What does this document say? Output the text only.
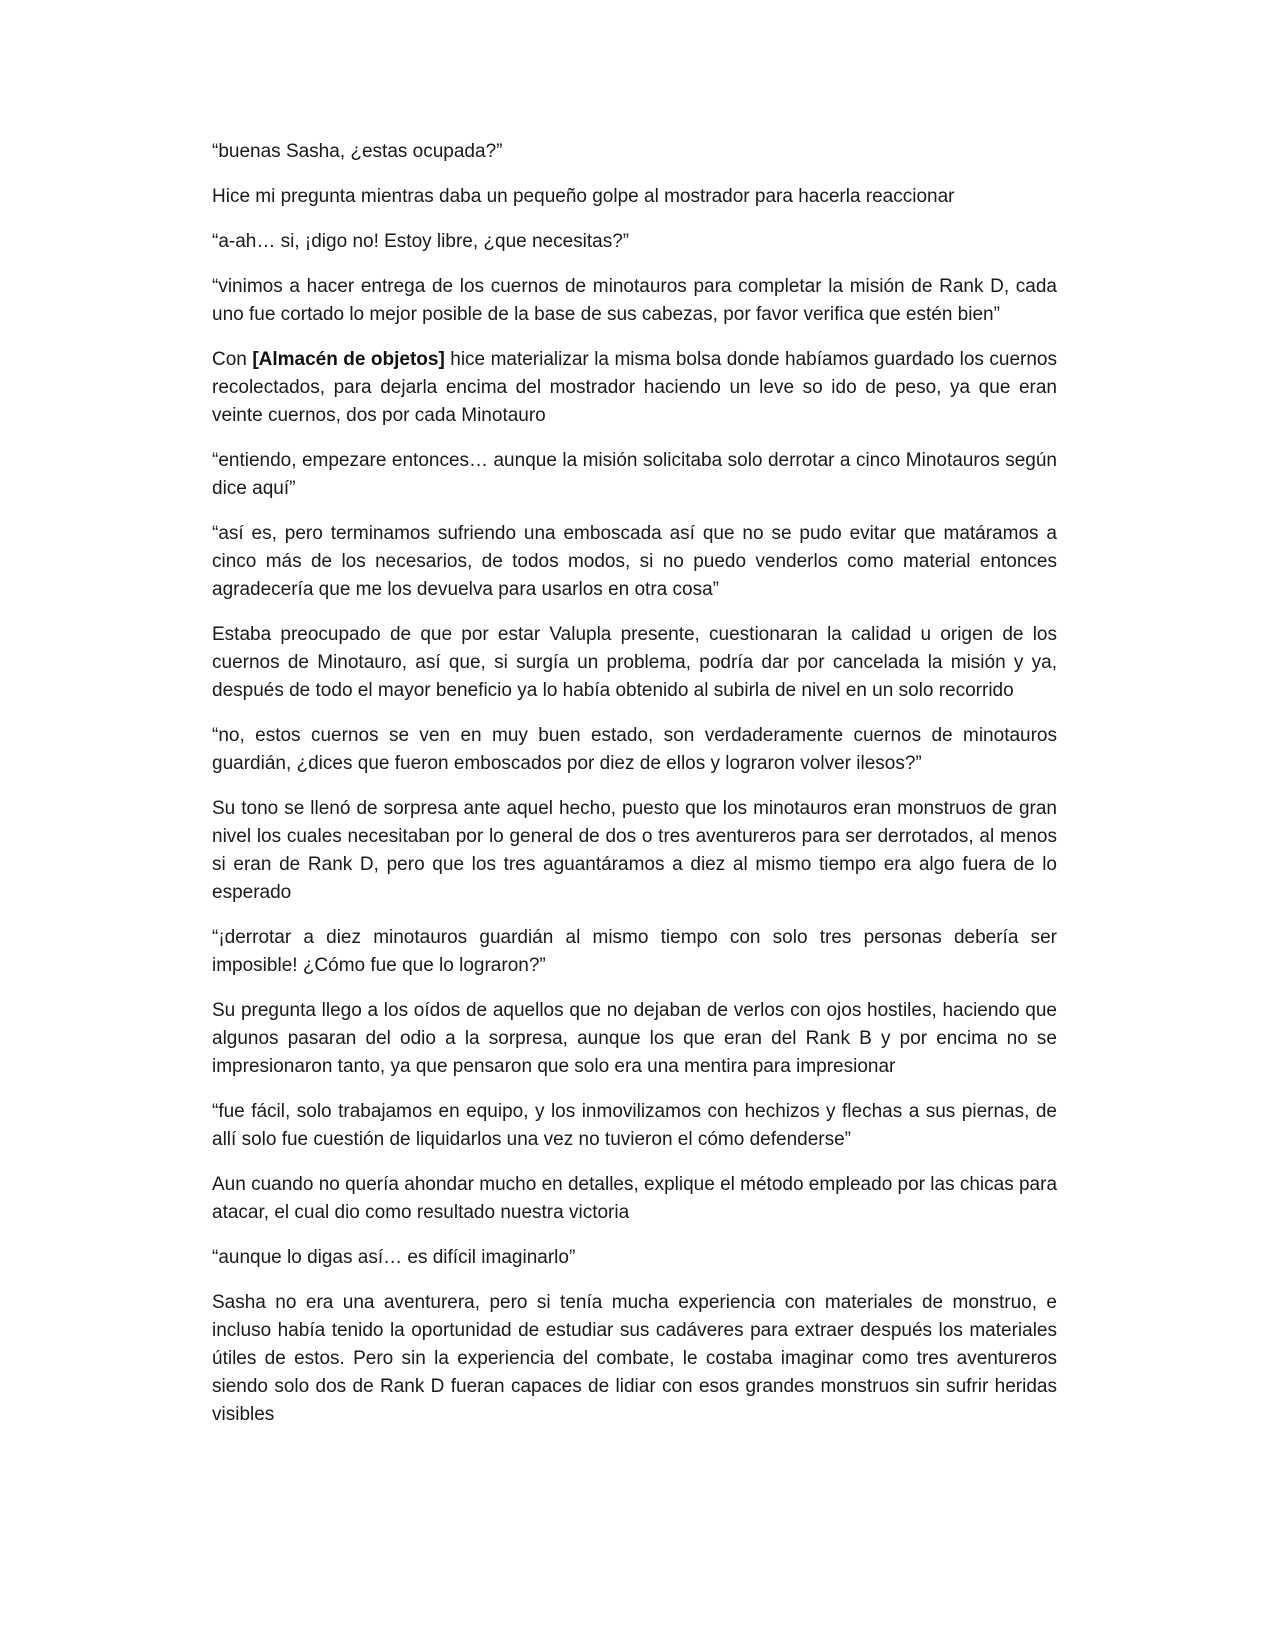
“buenas Sasha, ¿estas ocupada?”

Hice mi pregunta mientras daba un pequeño golpe al mostrador para hacerla reaccionar

“a-ah… si, ¡digo no! Estoy libre, ¿que necesitas?”

“vinimos a hacer entrega de los cuernos de minotauros para completar la misión de Rank D, cada uno fue cortado lo mejor posible de la base de sus cabezas, por favor verifica que estén bien”

Con [Almacén de objetos] hice materializar la misma bolsa donde habíamos guardado los cuernos recolectados, para dejarla encima del mostrador haciendo un leve so ido de peso, ya que eran veinte cuernos, dos por cada Minotauro

“entiendo, empezare entonces… aunque la misión solicitaba solo derrotar a cinco Minotauros según dice aquí”

“así es, pero terminamos sufriendo una emboscada así que no se pudo evitar que matáramos a cinco más de los necesarios, de todos modos, si no puedo venderlos como material entonces agradecería que me los devuelva para usarlos en otra cosa”

Estaba preocupado de que por estar Valupla presente, cuestionaran la calidad u origen de los cuernos de Minotauro, así que, si surgía un problema, podría dar por cancelada la misión y ya, después de todo el mayor beneficio ya lo había obtenido al subirla de nivel en un solo recorrido

“no, estos cuernos se ven en muy buen estado, son verdaderamente cuernos de minotauros guardián, ¿dices que fueron emboscados por diez de ellos y lograron volver ilesos?”

Su tono se llenó de sorpresa ante aquel hecho, puesto que los minotauros eran monstruos de gran nivel los cuales necesitaban por lo general de dos o tres aventureros para ser derrotados, al menos si eran de Rank D, pero que los tres aguantáramos a diez al mismo tiempo era algo fuera de lo esperado

“¡derrotar a diez minotauros guardián al mismo tiempo con solo tres personas debería ser imposible! ¿Cómo fue que lo lograron?”

Su pregunta llego a los oídos de aquellos que no dejaban de verlos con ojos hostiles, haciendo que algunos pasaran del odio a la sorpresa, aunque los que eran del Rank B y por encima no se impresionaron tanto, ya que pensaron que solo era una mentira para impresionar

“fue fácil, solo trabajamos en equipo, y los inmovilizamos con hechizos y flechas a sus piernas, de allí solo fue cuestión de liquidarlos una vez no tuvieron el cómo defenderse”

Aun cuando no quería ahondar mucho en detalles, explique el método empleado por las chicas para atacar, el cual dio como resultado nuestra victoria

“aunque lo digas así… es difícil imaginarlo”

Sasha no era una aventurera, pero si tenía mucha experiencia con materiales de monstruo, e incluso había tenido la oportunidad de estudiar sus cadáveres para extraer después los materiales útiles de estos. Pero sin la experiencia del combate, le costaba imaginar como tres aventureros siendo solo dos de Rank D fueran capaces de lidiar con esos grandes monstruos sin sufrir heridas visibles
